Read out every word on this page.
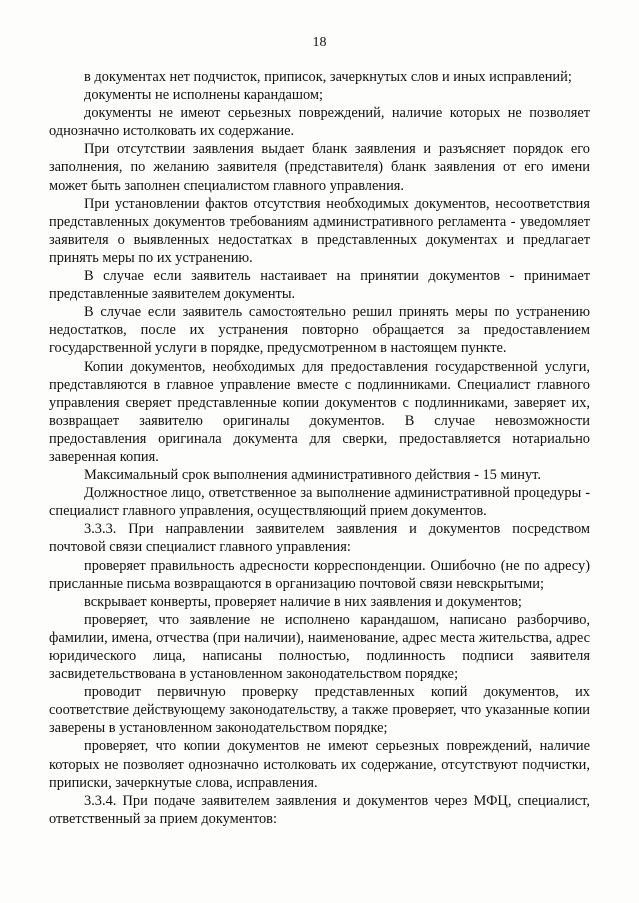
18

в документах нет подчисток, приписок, зачеркнутых слов и иных исправлений;

документы не исполнены карандашом;

документы не имеют серьезных повреждений, наличие которых не позволяет однозначно истолковать их содержание.

При отсутствии заявления выдает бланк заявления и разъясняет порядок его заполнения, по желанию заявителя (представителя) бланк заявления от его имени может быть заполнен специалистом главного управления.

При установлении фактов отсутствия необходимых документов, несоответствия представленных документов требованиям административного регламента - уведомляет заявителя о выявленных недостатках в представленных документах и предлагает принять меры по их устранению.

В случае если заявитель настаивает на принятии документов - принимает представленные заявителем документы.

В случае если заявитель самостоятельно решил принять меры по устранению недостатков, после их устранения повторно обращается за предоставлением государственной услуги в порядке, предусмотренном в настоящем пункте.

Копии документов, необходимых для предоставления государственной услуги, представляются в главное управление вместе с подлинниками. Специалист главного управления сверяет представленные копии документов с подлинниками, заверяет их, возвращает заявителю оригиналы документов. В случае невозможности предоставления оригинала документа для сверки, предоставляется нотариально заверенная копия.

Максимальный срок выполнения административного действия - 15 минут.

Должностное лицо, ответственное за выполнение административной процедуры - специалист главного управления, осуществляющий прием документов.

3.3.3. При направлении заявителем заявления и документов посредством почтовой связи специалист главного управления:

проверяет правильность адресности корреспонденции. Ошибочно (не по адресу) присланные письма возвращаются в организацию почтовой связи невскрытыми;

вскрывает конверты, проверяет наличие в них заявления и документов;

проверяет, что заявление не исполнено карандашом, написано разборчиво, фамилии, имена, отчества (при наличии), наименование, адрес места жительства, адрес юридического лица, написаны полностью, подлинность подписи заявителя засвидетельствована в установленном законодательством порядке;

проводит первичную проверку представленных копий документов, их соответствие действующему законодательству, а также проверяет, что указанные копии заверены в установленном законодательством порядке;

проверяет, что копии документов не имеют серьезных повреждений, наличие которых не позволяет однозначно истолковать их содержание, отсутствуют подчистки, приписки, зачеркнутые слова, исправления.

3.3.4. При подаче заявителем заявления и документов через МФЦ, специалист, ответственный за прием документов:
